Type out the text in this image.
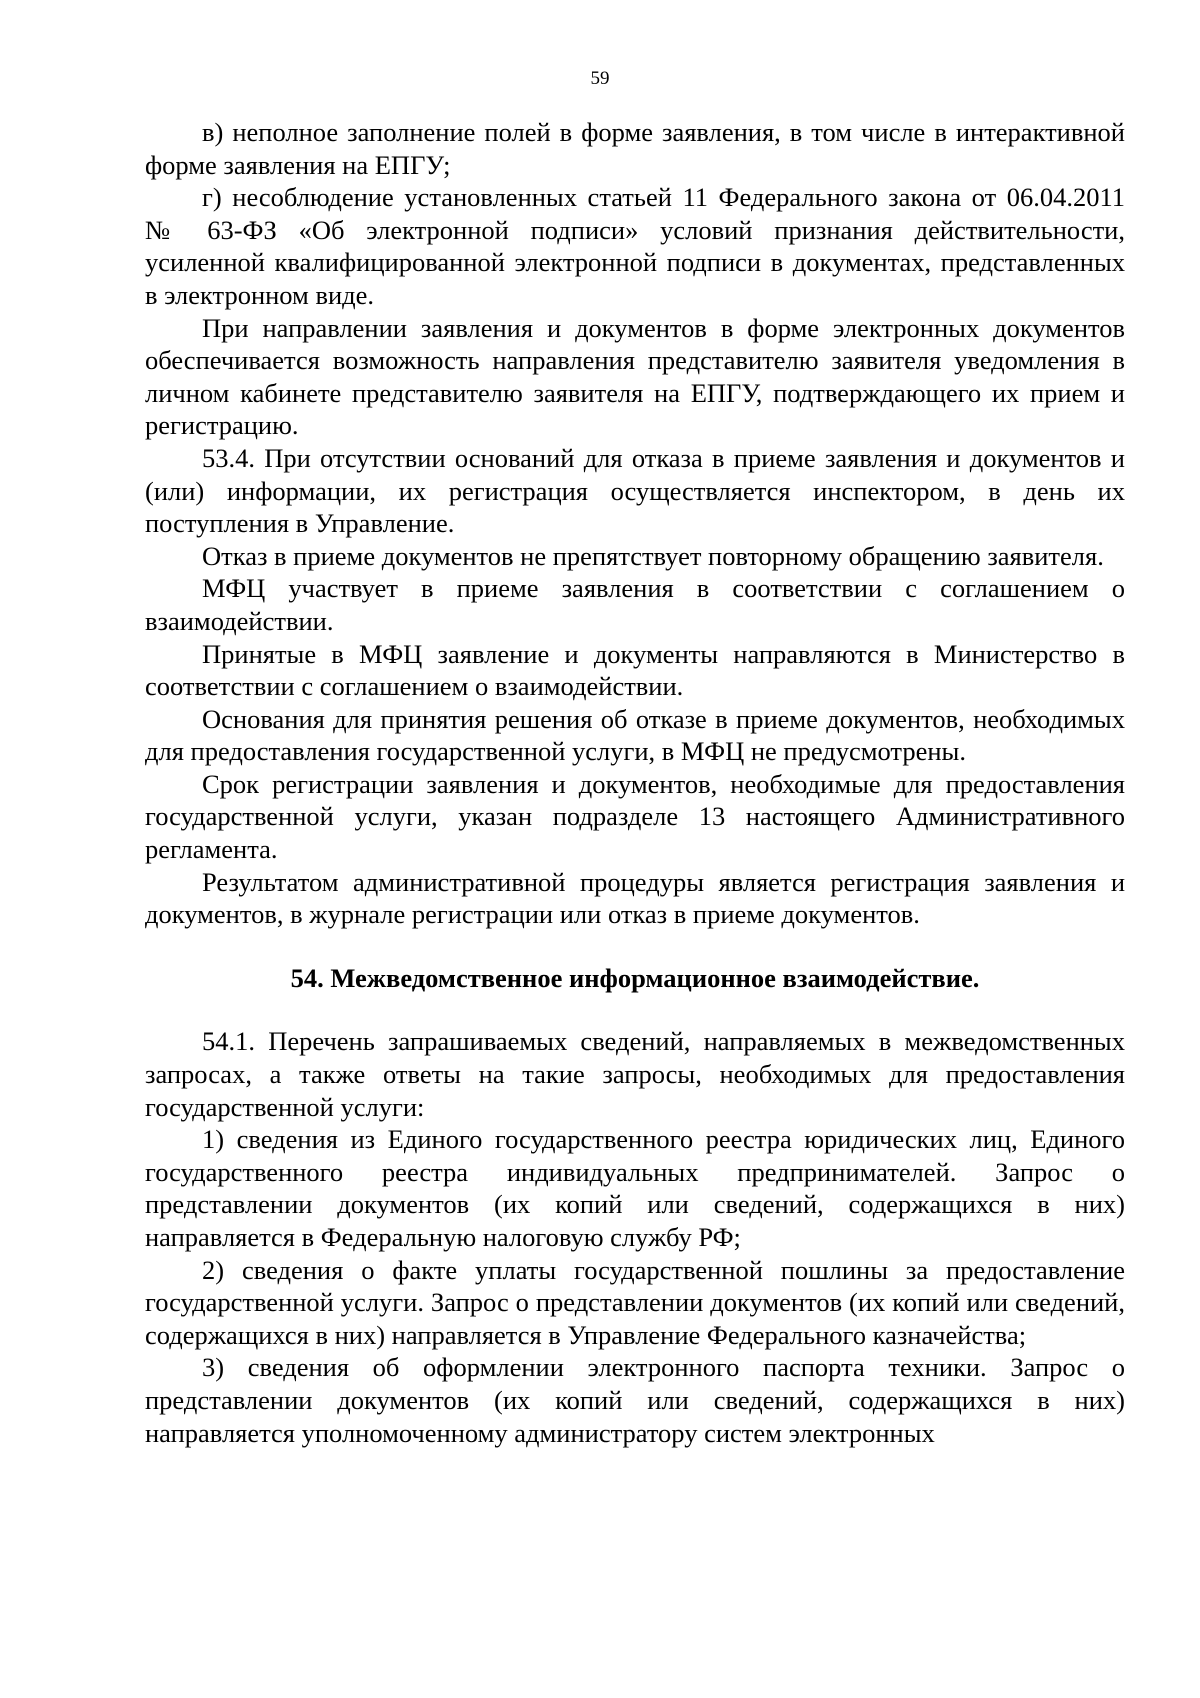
59

в) неполное заполнение полей в форме заявления, в том числе в интерактивной форме заявления на ЕПГУ;

г) несоблюдение установленных статьей 11 Федерального закона от 06.04.2011 № 63-ФЗ «Об электронной подписи» условий признания действительности, усиленной квалифицированной электронной подписи в документах, представленных в электронном виде.

При направлении заявления и документов в форме электронных документов обеспечивается возможность направления представителю заявителя уведомления в личном кабинете представителю заявителя на ЕПГУ, подтверждающего их прием и регистрацию.

53.4. При отсутствии оснований для отказа в приеме заявления и документов и (или) информации, их регистрация осуществляется инспектором, в день их поступления в Управление.

Отказ в приеме документов не препятствует повторному обращению заявителя.

МФЦ участвует в приеме заявления в соответствии с соглашением о взаимодействии.

Принятые в МФЦ заявление и документы направляются в Министерство в соответствии с соглашением о взаимодействии.

Основания для принятия решения об отказе в приеме документов, необходимых для предоставления государственной услуги, в МФЦ не предусмотрены.

Срок регистрации заявления и документов, необходимые для предоставления государственной услуги, указан подразделе 13 настоящего Административного регламента.

Результатом административной процедуры является регистрация заявления и документов, в журнале регистрации или отказ в приеме документов.

54. Межведомственное информационное взаимодействие.

54.1. Перечень запрашиваемых сведений, направляемых в межведомственных запросах, а также ответы на такие запросы, необходимых для предоставления государственной услуги:

1) сведения из Единого государственного реестра юридических лиц, Единого государственного реестра индивидуальных предпринимателей. Запрос о представлении документов (их копий или сведений, содержащихся в них) направляется в Федеральную налоговую службу РФ;

2) сведения о факте уплаты государственной пошлины за предоставление государственной услуги. Запрос о представлении документов (их копий или сведений, содержащихся в них) направляется в Управление Федерального казначейства;

3) сведения об оформлении электронного паспорта техники. Запрос о представлении документов (их копий или сведений, содержащихся в них) направляется уполномоченному администратору систем электронных
